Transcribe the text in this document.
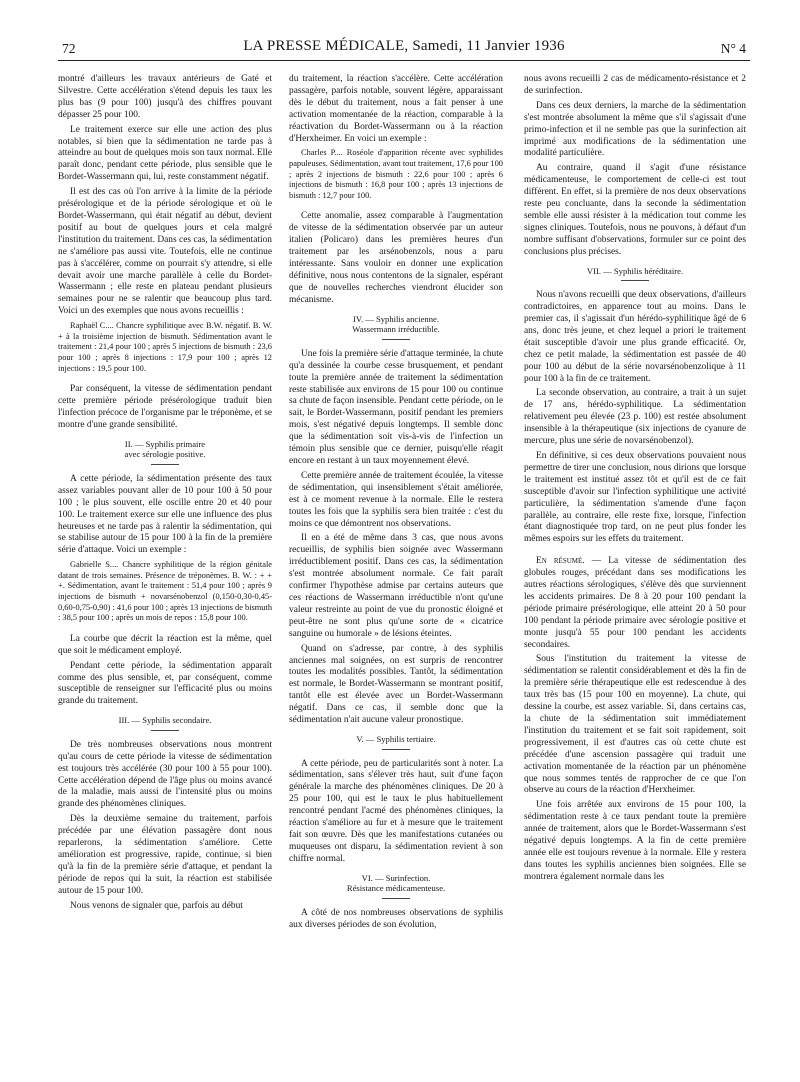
72	LA PRESSE MÉDICALE, Samedi, 11 Janvier 1936	N° 4

montré d'ailleurs les travaux antérieurs de Gaté et Silvestre. Cette accélération s'étend depuis les taux les plus bas (9 pour 100) jusqu'à des chiffres pouvant dépasser 25 pour 100.

Le traitement exerce sur elle une action des plus notables, si bien que la sédimentation ne tarde pas à atteindre au bout de quelques mois son taux normal. Elle paraît donc, pendant cette période, plus sensible que le Bordet-Wassermann qui, lui, reste constamment négatif.

Il est des cas où l'on arrive à la limite de la période présérologique et de la période sérologique et où le Bordet-Wassermann, qui était négatif au début, devient positif au bout de quelques jours et cela malgré l'institution du traitement. Dans ces cas, la sédimentation ne s'améliore pas aussi vite. Toutefois, elle ne continue pas à s'accélérer, comme on pourrait s'y attendre, si elle devait avoir une marche parallèle à celle du Bordet-Wassermann ; elle reste en plateau pendant plusieurs semaines pour ne se ralentir que beaucoup plus tard. Voici un des exemples que nous avons recueillis :

Raphaël C.... Chancre syphilitique avec B.W. négatif. B. W. + à la troisième injection de bismuth. Sédimentation avant le traitement : 21,4 pour 100 ; après 5 injections de bismuth : 23,6 pour 100 ; après 8 injections : 17,9 pour 100 ; après 12 injections : 19,5 pour 100.

Par conséquent, la vitesse de sédimentation pendant cette première période présérologique traduit bien l'infection précoce de l'organisme par le tréponème, et se montre d'une grande sensibilité.

II. — Syphilis primaire
avec sérologie positive.

A cette période, la sédimentation présente des taux assez variables pouvant aller de 10 pour 100 à 50 pour 100 ; le plus souvent, elle oscille entre 20 et 40 pour 100. Le traitement exerce sur elle une influence des plus heureuses et ne tarde pas à ralentir la sédimentation, qui se stabilise autour de 15 pour 100 à la fin de la première série d'attaque. Voici un exemple :

Gabrielle S.... Chancre syphilitique de la région génitale datant de trois semaines. Présence de tréponèmes. B. W. : + + +. Sédimentation, avant le traitement : 51,4 pour 100 ; après 9 injections de bismuth + novarsénobenzol (0,150-0,30-0,45-0,60-0,75-0,90) : 41,6 pour 100 ; après 13 injections de bismuth : 38,5 pour 100 ; après un mois de repos : 15,8 pour 100.

La courbe que décrit la réaction est la même, quel que soit le médicament employé.

Pendant cette période, la sédimentation apparaît comme des plus sensible, et, par conséquent, comme susceptible de renseigner sur l'efficacité plus ou moins grande du traitement.

III. — Syphilis secondaire.

De très nombreuses observations nous montrent qu'au cours de cette période la vitesse de sédimentation est toujours très accélérée (30 pour 100 à 55 pour 100). Cette accélération dépend de l'âge plus ou moins avancé de la maladie, mais aussi de l'intensité plus ou moins grande des phénomènes cliniques.

Dès la deuxième semaine du traitement, parfois précédée par une élévation passagère dont nous reparlerons, la sédimentation s'améliore. Cette amélioration est progressive, rapide, continue, si bien qu'à la fin de la première série d'attaque, et pendant la période de repos qui la suit, la réaction est stabilisée autour de 15 pour 100.

Nous venons de signaler que, parfois au début

du traitement, la réaction s'accélère. Cette accélération passagère, parfois notable, souvent légère, apparaissant dès le début du traitement, nous a fait penser à une activation momentanée de la réaction, comparable à la réactivation du Bordet-Wassermann ou à la réaction d'Herxheimer. En voici un exemple :

Charles P.... Roséole d'apparition récente avec syphilides papuleuses. Sédimentation, avant tout traitement, 17,6 pour 100 ; après 2 injections de bismuth : 22,6 pour 100 ; après 6 injections de bismuth : 16,8 pour 100 ; après 13 injections de bismuth : 12,7 pour 100.

Cette anomalie, assez comparable à l'augmentation de vitesse de la sédimentation observée par un auteur italien (Policaro) dans les premières heures d'un traitement par les arsénobenzols, nous a paru intéressante. Sans vouloir en donner une explication définitive, nous nous contentons de la signaler, espérant que de nouvelles recherches viendront élucider son mécanisme.

IV. — Syphilis ancienne.
Wassermann irréductible.

Une fois la première série d'attaque terminée, la chute qu'a dessinée la courbe cesse brusquement, et pendant toute la première année de traitement la sédimentation reste stabilisée aux environs de 15 pour 100 ou continue sa chute de façon insensible. Pendant cette période, on le sait, le Bordet-Wassermann, positif pendant les premiers mois, s'est négativé depuis longtemps. Il semble donc que la sédimentation soit vis-à-vis de l'infection un témoin plus sensible que ce dernier, puisqu'elle réagit encore en restant à un taux moyennement élevé.

Cette première année de traitement écoulée, la vitesse de sédimentation, qui insensiblement s'était améliorée, est à ce moment revenue à la normale. Elle le restera toutes les fois que la syphilis sera bien traitée : c'est du moins ce que démontrent nos observations.

Il en a été de même dans 3 cas, que nous avons recueillis, de syphilis bien soignée avec Wassermann irréductiblement positif. Dans ces cas, la sédimentation s'est montrée absolument normale. Ce fait paraît confirmer l'hypothèse admise par certains auteurs que ces réactions de Wassermann irréductible n'ont qu'une valeur restreinte au point de vue du pronostic éloigné et peut-être ne sont plus qu'une sorte de « cicatrice sanguine ou humorale » de lésions éteintes.

Quand on s'adresse, par contre, à des syphilis anciennes mal soignées, on est surpris de rencontrer toutes les modalités possibles. Tantôt, la sédimentation est normale, le Bordet-Wassermann se montrant positif, tantôt elle est élevée avec un Bordet-Wassermann négatif. Dans ce cas, il semble donc que la sédimentation n'ait aucune valeur pronostique.

V. — Syphilis tertiaire.

A cette période, peu de particularités sont à noter. La sédimentation, sans s'élever très haut, suit d'une façon générale la marche des phénomènes cliniques. De 20 à 25 pour 100, qui est le taux le plus habituellement rencontré pendant l'acmé des phénomènes cliniques, la réaction s'améliore au fur et à mesure que le traitement fait son œuvre. Dès que les manifestations cutanées ou muqueuses ont disparu, la sédimentation revient à son chiffre normal.

VI. — Surinfection.
Résistance médicamenteuse.

A côté de nos nombreuses observations de syphilis aux diverses périodes de son évolution,

nous avons recueilli 2 cas de médicamento-résistance et 2 de surinfection.

Dans ces deux derniers, la marche de la sédimentation s'est montrée absolument la même que s'il s'agissait d'une primo-infection et il ne semble pas que la surinfection ait imprimé aux modifications de la sédimentation une modalité particulière.

Au contraire, quand il s'agit d'une résistance médicamenteuse, le comportement de celle-ci est tout différent. En effet, si la première de nos deux observations reste peu concluante, dans la seconde la sédimentation semble elle aussi résister à la médication tout comme les signes cliniques. Toutefois, nous ne pouvons, à défaut d'un nombre suffisant d'observations, formuler sur ce point des conclusions plus précises.

VII. — Syphilis héréditaire.

Nous n'avons recueilli que deux observations, d'ailleurs contradictoires, en apparence tout au moins. Dans le premier cas, il s'agissait d'un hérédo-syphilitique âgé de 6 ans, donc très jeune, et chez lequel a priori le traitement était susceptible d'avoir une plus grande efficacité. Or, chez ce petit malade, la sédimentation est passée de 40 pour 100 au début de la série novarsénobenzolique à 11 pour 100 à la fin de ce traitement.

La seconde observation, au contraire, a trait à un sujet de 17 ans, hérédo-syphilitique. La sédimentation relativement peu élevée (23 p. 100) est restée absolument insensible à la thérapeutique (six injections de cyanure de mercure, plus une série de novarsénobenzol).

En définitive, si ces deux observations pouvaient nous permettre de tirer une conclusion, nous dirions que lorsque le traitement est institué assez tôt et qu'il est de ce fait susceptible d'avoir sur l'infection syphilitique une activité particulière, la sédimentation s'amende d'une façon parallèle, au contraire, elle reste fixe, lorsque, l'infection étant diagnostiquée trop tard, on ne peut plus fonder les mêmes espoirs sur les effets du traitement.

En résumé. — La vitesse de sédimentation des globules rouges, précédant dans ses modifications les autres réactions sérologiques, s'élève dès que surviennent les accidents primaires. De 8 à 20 pour 100 pendant la période primaire présérologique, elle atteint 20 à 50 pour 100 pendant la période primaire avec sérologie positive et monte jusqu'à 55 pour 100 pendant les accidents secondaires.

Sous l'institution du traitement la vitesse de sédimentation se ralentit considérablement et dès la fin de la première série thérapeutique elle est redescendue à des taux très bas (15 pour 100 en moyenne). La chute, qui dessine la courbe, est assez variable. Si, dans certains cas, la chute de la sédimentation suit immédiatement l'institution du traitement et se fait soit rapidement, soit progressivement, il est d'autres cas où cette chute est précédée d'une ascension passagère qui traduit une activation momentanée de la réaction par un phénomène que nous sommes tentés de rapprocher de ce que l'on observe au cours de la réaction d'Herxheimer.

Une fois arrêtée aux environs de 15 pour 100, la sédimentation reste à ce taux pendant toute la première année de traitement, alors que le Bordet-Wassermann s'est négativé depuis longtemps. A la fin de cette première année elle est toujours revenue à la normale. Elle y restera dans toutes les syphilis anciennes bien soignées. Elle se montrera également normale dans les
